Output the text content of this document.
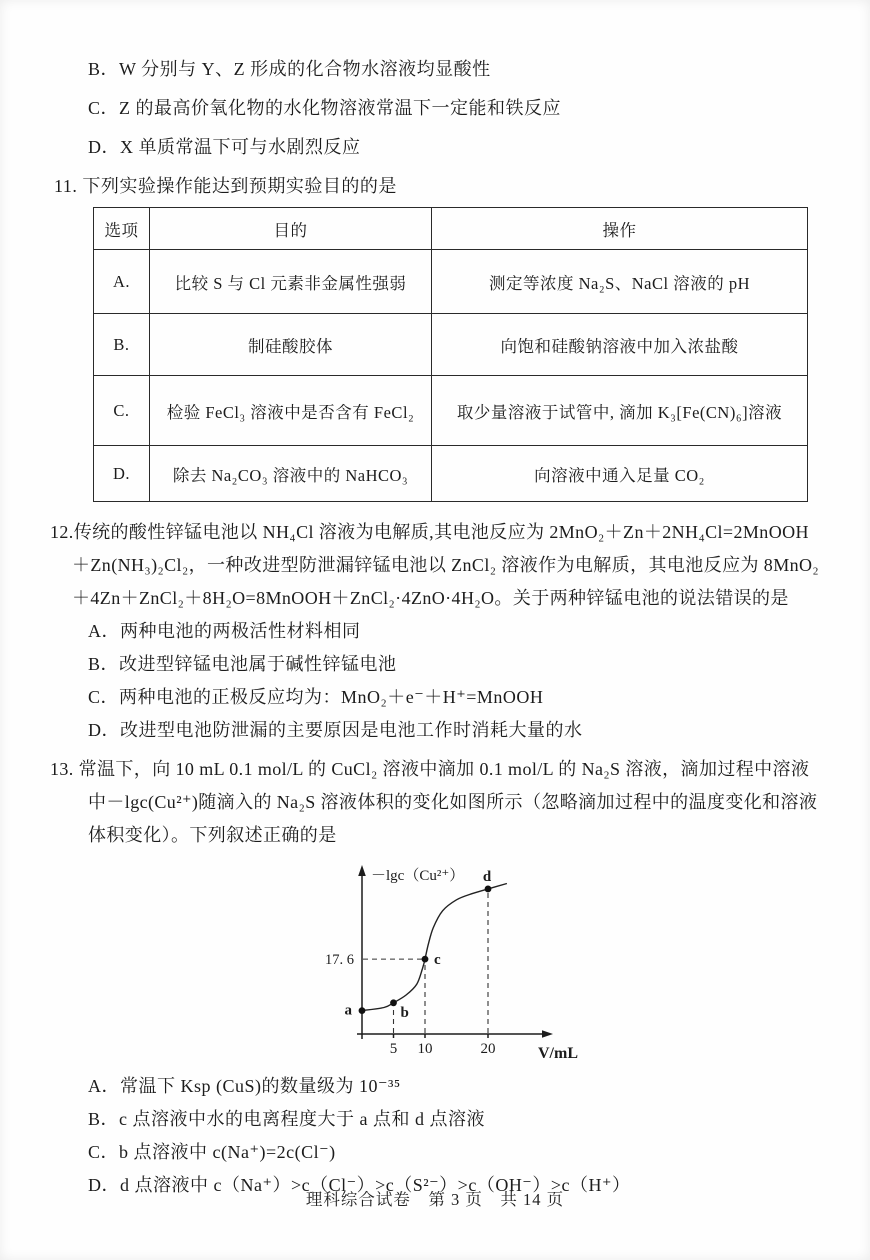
B．W 分别与 Y、Z 形成的化合物水溶液均显酸性
C．Z 的最高价氧化物的水化物溶液常温下一定能和铁反应
D．X 单质常温下可与水剧烈反应
11. 下列实验操作能达到预期实验目的的是
选项	目的	操作
A.	比较 S 与 Cl 元素非金属性强弱	测定等浓度 Na₂S、NaCl 溶液的 pH
B.	制硅酸胶体	向饱和硅酸钠溶液中加入浓盐酸
C.	检验 FeCl₃ 溶液中是否含有 FeCl₂	取少量溶液于试管中, 滴加 K₃[Fe(CN)₆]溶液
D.	除去 Na₂CO₃ 溶液中的 NaHCO₃	向溶液中通入足量 CO₂
12.传统的酸性锌锰电池以 NH₄Cl 溶液为电解质,其电池反应为 2MnO₂＋Zn＋2NH₄Cl=2MnOOH
＋Zn(NH₃)₂Cl₂，一种改进型防泄漏锌锰电池以 ZnCl₂ 溶液作为电解质，其电池反应为 8MnO₂
＋4Zn＋ZnCl₂＋8H₂O=8MnOOH＋ZnCl₂·4ZnO·4H₂O。关于两种锌锰电池的说法错误的是
A．两种电池的两极活性材料相同
B．改进型锌锰电池属于碱性锌锰电池
C．两种电池的正极反应均为：MnO₂＋e⁻＋H⁺=MnOOH
D．改进型电池防泄漏的主要原因是电池工作时消耗大量的水
13. 常温下，向 10 mL 0.1 mol/L 的 CuCl₂ 溶液中滴加 0.1 mol/L 的 Na₂S 溶液，滴加过程中溶液
中－lgc(Cu²⁺)随滴入的 Na₂S 溶液体积的变化如图所示（忽略滴加过程中的温度变化和溶液
体积变化）。下列叙述正确的是
5 10	20
17. 6
a	b
c
d
－lgc（Cu²⁺）
V/mL
A．常温下 Ksp (CuS)的数量级为 10⁻³⁵
B．c 点溶液中水的电离程度大于 a 点和 d 点溶液
C．b 点溶液中 c(Na⁺)=2c(Cl⁻)
D．d 点溶液中 c（Na⁺）>c（Cl⁻）>c（S²⁻）>c（OH⁻）>c（H⁺）
理科综合试卷　第 3 页　共 14 页
